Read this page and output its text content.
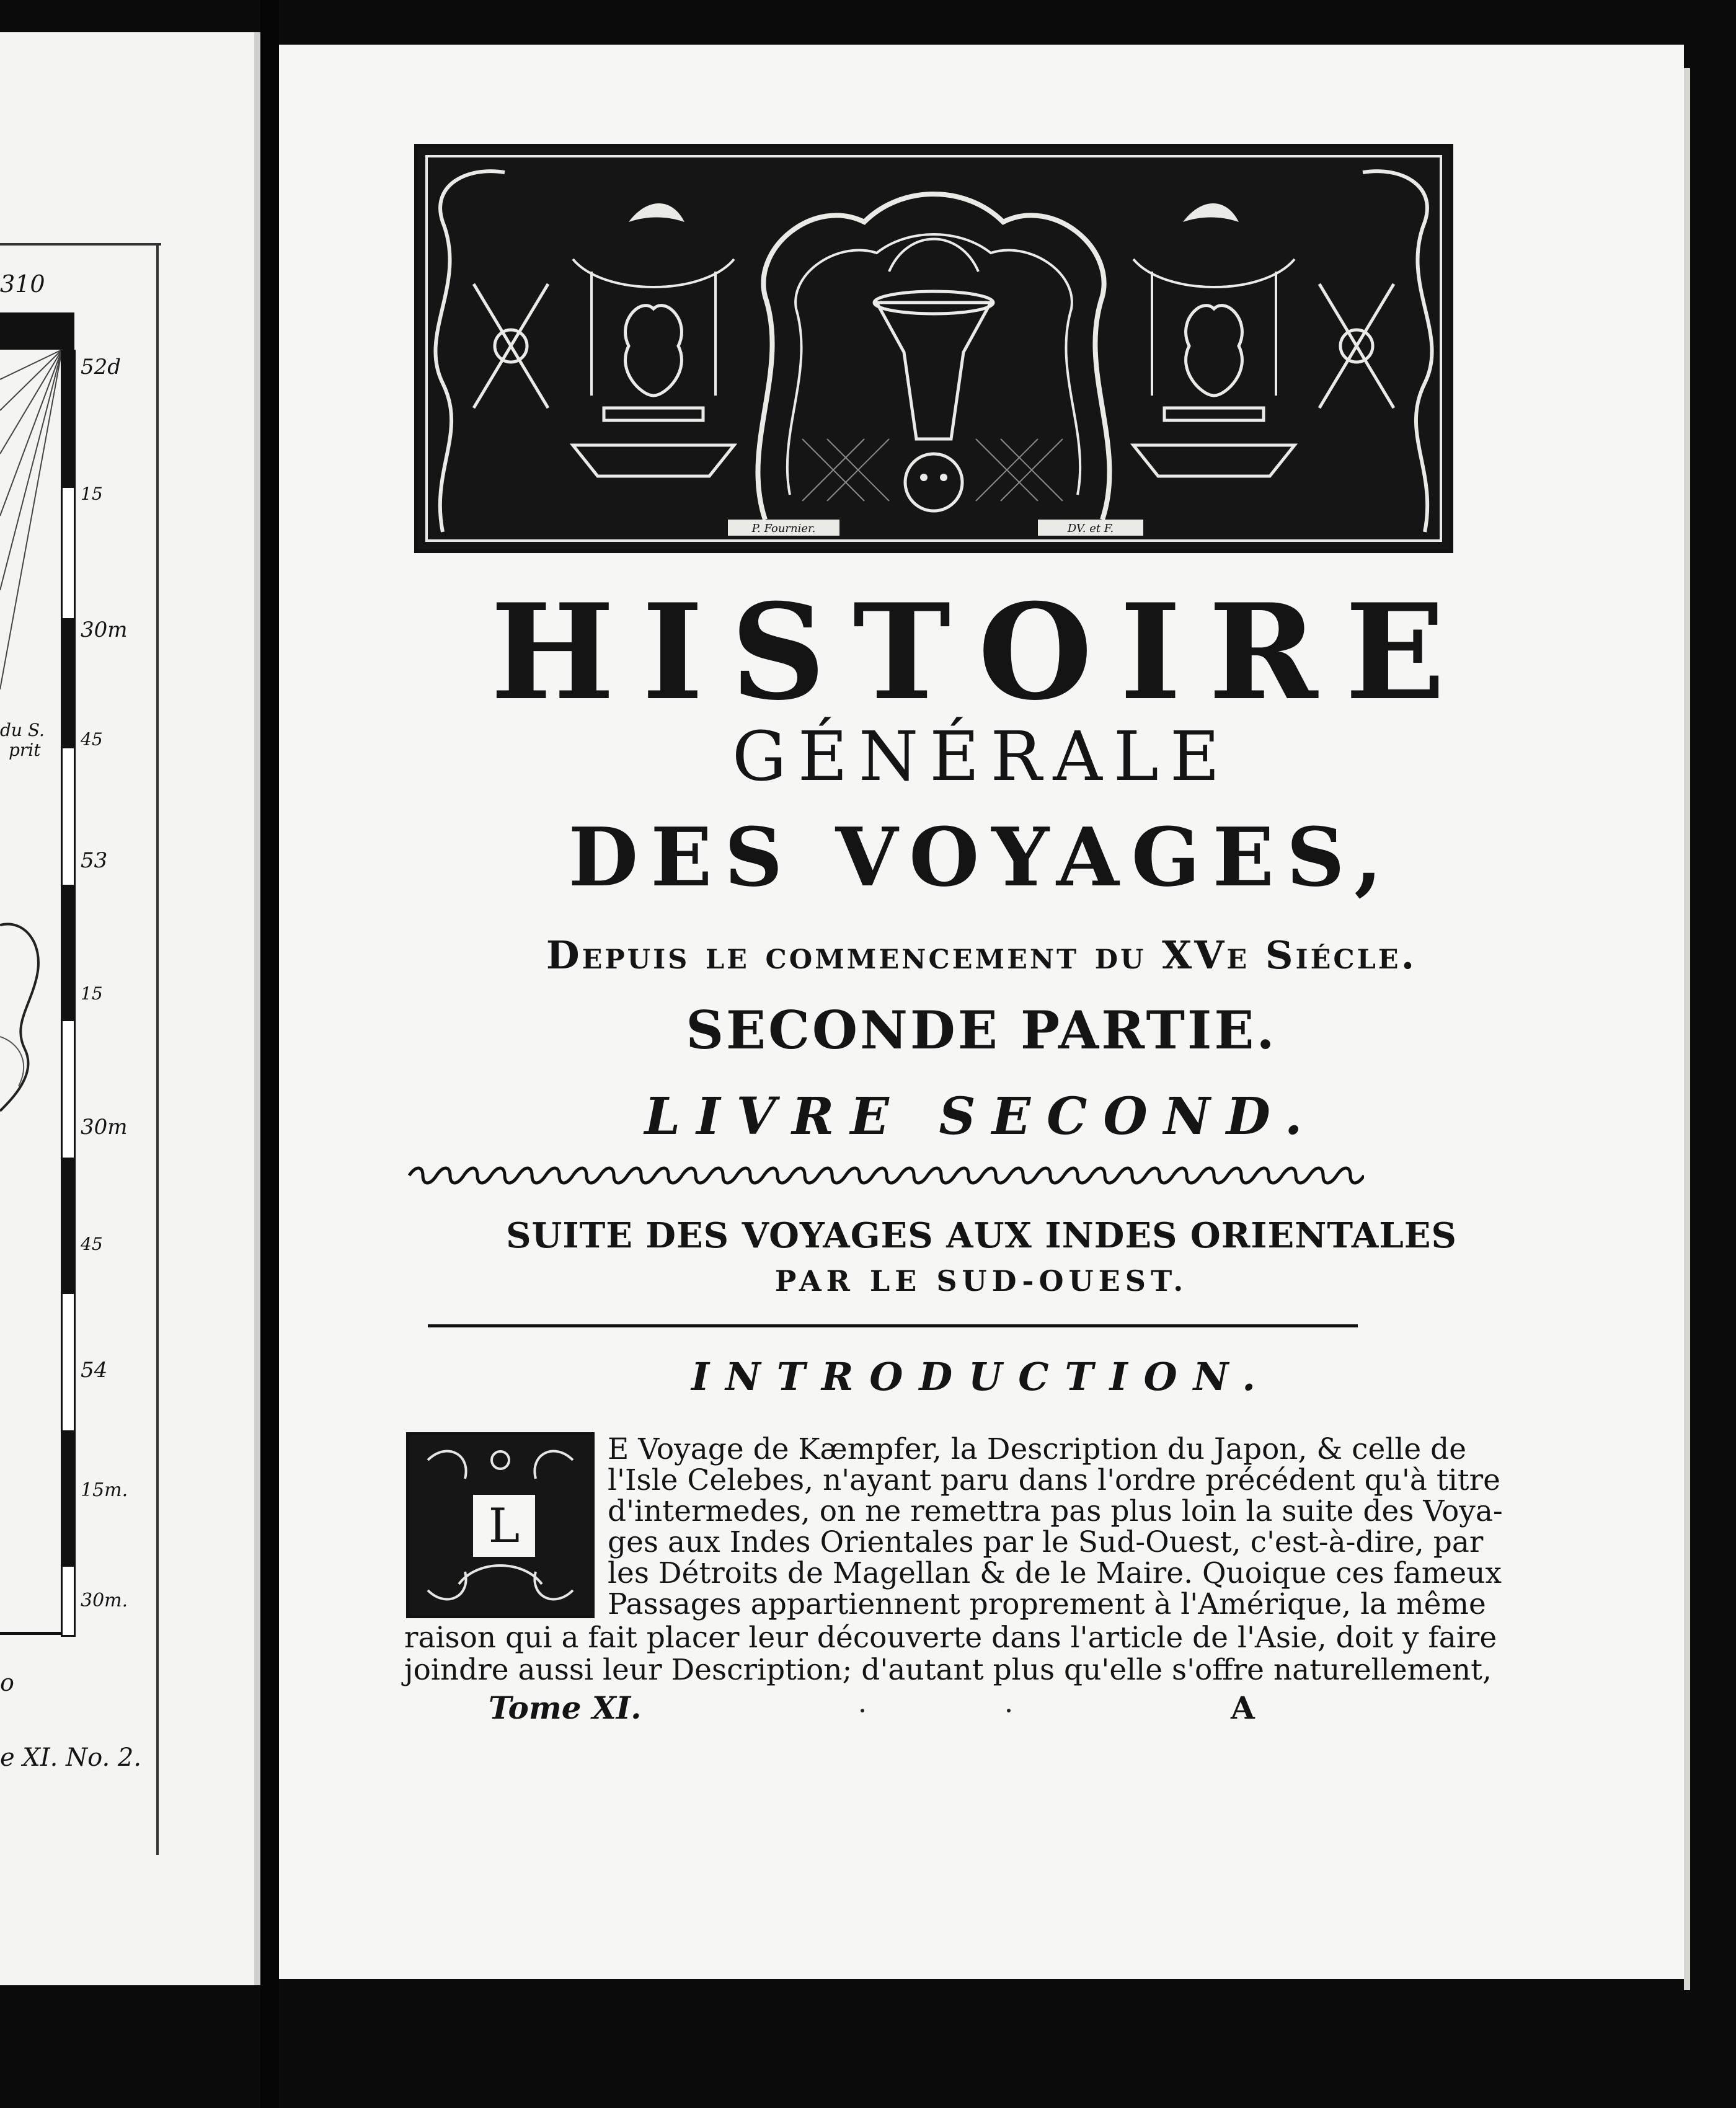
310
52d
15
30m
45
53
15
30m
45
54
15m.
30m.
du S.
prit
o
e XI. No. 2.
P. Fournier.	DV. et F.
HISTOIRE
GÉNÉRALE
DES VOYAGES,
Depuis le commencement du XVe Siécle.
SECONDE PARTIE.
LIVRE SECOND.
SUITE DES VOYAGES AUX INDES ORIENTALES
PAR LE SUD-OUEST.
INTRODUCTION.
L
E Voyage de Kæmpfer, la Description du Japon, & celle de
l'Isle Celebes, n'ayant paru dans l'ordre précédent qu'à titre
d'intermedes, on ne remettra pas plus loin la suite des Voya-
ges aux Indes Orientales par le Sud-Ouest, c'est-à-dire, par
les Détroits de Magellan & de le Maire. Quoique ces fameux
Passages appartiennent proprement à l'Amérique, la même
raison qui a fait placer leur découverte dans l'article de l'Asie, doit y faire
joindre aussi leur Description; d'autant plus qu'elle s'offre naturellement,
Tome XI.	A
